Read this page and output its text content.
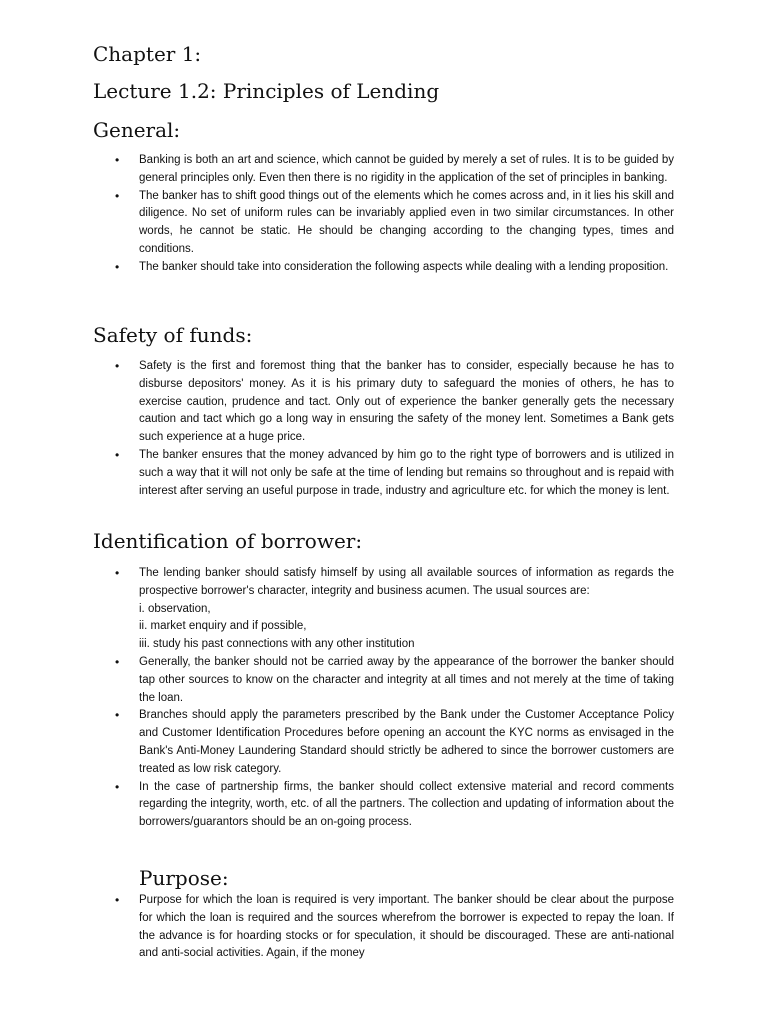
Chapter 1:
Lecture 1.2: Principles of Lending
General:
• Banking is both an art and science, which cannot be guided by merely a set of rules. It is to be guided by general principles only. Even then there is no rigidity in the application of the set of principles in banking.
• The banker has to shift good things out of the elements which he comes across and, in it lies his skill and diligence. No set of uniform rules can be invariably applied even in two similar circumstances. In other words, he cannot be static. He should be changing according to the changing types, times and conditions.
• The banker should take into consideration the following aspects while dealing with a lending proposition.
Safety of funds:
• Safety is the first and foremost thing that the banker has to consider, especially because he has to disburse depositors' money. As it is his primary duty to safeguard the monies of others, he has to exercise caution, prudence and tact. Only out of experience the banker generally gets the necessary caution and tact which go a long way in ensuring the safety of the money lent. Sometimes a Bank gets such experience at a huge price.
• The banker ensures that the money advanced by him go to the right type of borrowers and is utilized in such a way that it will not only be safe at the time of lending but remains so throughout and is repaid with interest after serving an useful purpose in trade, industry and agriculture etc. for which the money is lent.
Identification of borrower:
• The lending banker should satisfy himself by using all available sources of information as regards the prospective borrower's character, integrity and business acumen. The usual sources are:
i. observation,
ii. market enquiry and if possible,
iii. study his past connections with any other institution
• Generally, the banker should not be carried away by the appearance of the borrower the banker should tap other sources to know on the character and integrity at all times and not merely at the time of taking the loan.
• Branches should apply the parameters prescribed by the Bank under the Customer Acceptance Policy and Customer Identification Procedures before opening an account the KYC norms as envisaged in the Bank's Anti-Money Laundering Standard should strictly be adhered to since the borrower customers are treated as low risk category.
• In the case of partnership firms, the banker should collect extensive material and record comments regarding the integrity, worth, etc. of all the partners. The collection and updating of information about the borrowers/guarantors should be an on-going process.
Purpose:
• Purpose for which the loan is required is very important. The banker should be clear about the purpose for which the loan is required and the sources wherefrom the borrower is expected to repay the loan. If the advance is for hoarding stocks or for speculation, it should be discouraged. These are anti-national and anti-social activities. Again, if the money
